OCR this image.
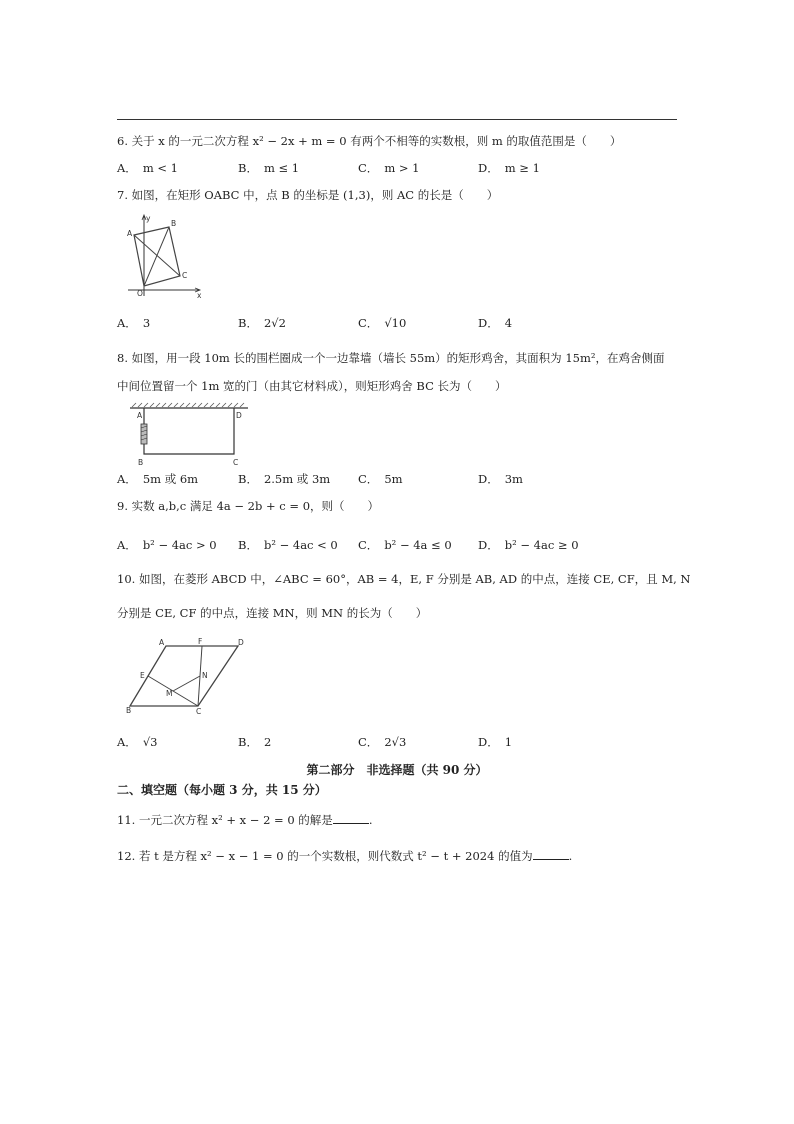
6. 关于 x 的一元二次方程 x² − 2x + m = 0 有两个不相等的实数根，则 m 的取值范围是（　　）
A． m < 1	B． m ≤ 1	C． m > 1	D． m ≥ 1
7. 如图，在矩形 OABC 中，点 B 的坐标是 (1,3)，则 AC 的长是（　　）
y
x
A
B
C
O
A． 3	B． 2√2	C． √10	D． 4
8. 如图，用一段 10m 长的围栏圈成一个一边靠墙（墙长 55m）的矩形鸡舍，其面积为 15m²，在鸡舍侧面
中间位置留一个 1m 宽的门（由其它材料成），则矩形鸡舍 BC 长为（　　）
A	D
B	C
A． 5m 或 6m	B． 2.5m 或 3m C． 5m	D． 3m
9. 实数 a,b,c 满足 4a − 2b + c = 0，则（　　）
A． b² − 4ac > 0 B． b² − 4ac < 0 C． b² − 4a ≤ 0 D． b² − 4ac ≥ 0
10. 如图，在菱形 ABCD 中，∠ABC = 60°，AB = 4，E, F 分别是 AB, AD 的中点，连接 CE, CF，且 M, N
分别是 CE, CF 的中点，连接 MN，则 MN 的长为（　　）
A	F	D
E	N
M
B	C
A． √3	B． 2	C． 2√3	D． 1
第二部分　非选择题（共 90 分）
二、填空题（每小题 3 分，共 15 分）
11. 一元二次方程 x² + x − 2 = 0 的解是	.
12. 若 t 是方程 x² − x − 1 = 0 的一个实数根，则代数式 t² − t + 2024 的值为	.
